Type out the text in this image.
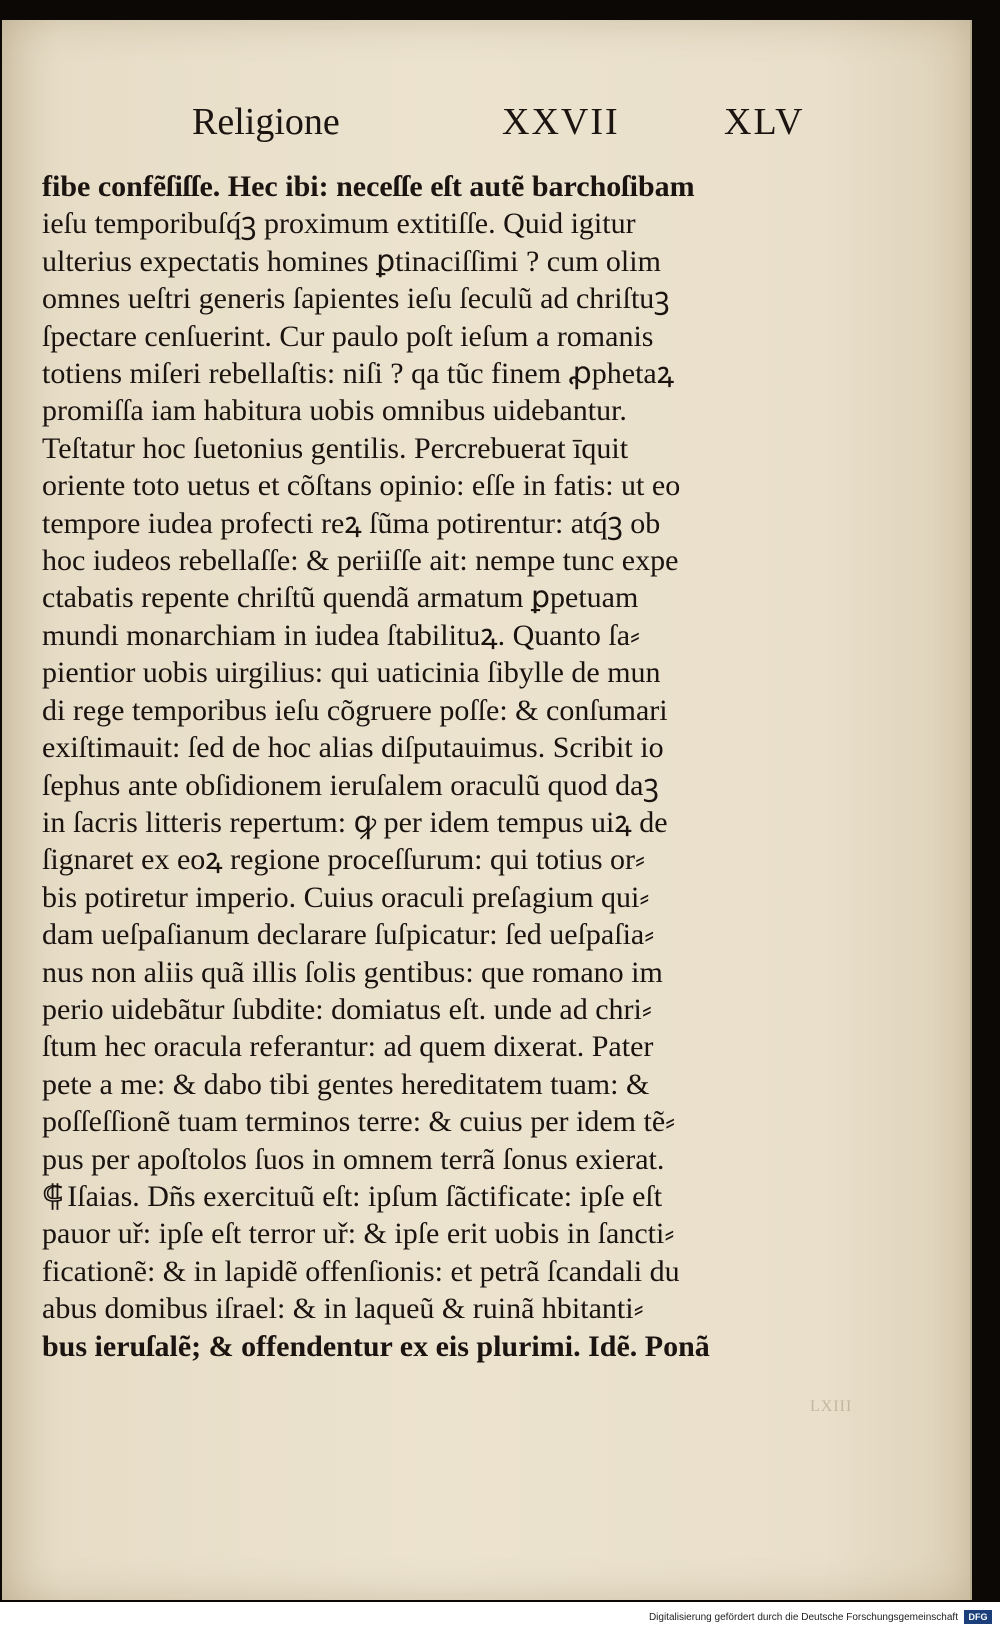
Religione	XXVII	XLV
fibe confẽſiſſe. Hec ibi: neceſſe eſt autẽ barchoſibam
ieſu temporibuſq́ꝫ proximum extitiſſe. Quid igitur
ulterius expectatis homines ꝑtinaciſſimi ? cum olim
omnes ueſtri generis ſapientes ieſu ſeculũ ad chriſtuꝫ
ſpectare cenſuerint. Cur paulo poſt ieſum a romanis
totiens miſeri rebellaſtis: niſi ? qa tũc finem ꝓphetaꝝ
promiſſa iam habitura uobis omnibus uidebantur.
Teſtatur hoc ſuetonius gentilis. Percrebuerat īquit
oriente toto uetus et cõſtans opinio: eſſe in fatis: ut eo
tempore iudea profecti reꝝ ſũma potirentur: atq́ꝫ ob
hoc iudeos rebellaſſe: & periiſſe ait: nempe tunc expe
ctabatis repente chriſtũ quendã armatum ꝑpetuam
mundi monarchiam in iudea ſtabilituꝝ. Quanto ſa⸗
pientior uobis uirgilius: qui uaticinia ſibylle de mun
di rege temporibus ieſu cõgruere poſſe: & conſumari
exiſtimauit: ſed de hoc alias diſputauimus. Scribit io
ſephus ante obſidionem ieruſalem oraculũ quod daꝫ
in ſacris litteris repertum: ꝙ per idem tempus uiꝝ de
ſignaret ex eoꝝ regione proceſſurum: qui totius or⸗
bis potiretur imperio. Cuius oraculi preſagium qui⸗
dam ueſpaſianum declarare ſuſpicatur: ſed ueſpaſia⸗
nus non aliis quã illis ſolis gentibus: que romano im
perio uidebãtur ſubdite: domiatus eſt. unde ad chri⸗
ſtum hec oracula referantur: ad quem dixerat. Pater
pete a me: & dabo tibi gentes hereditatem tuam: &
poſſeſſionẽ tuam terminos terre: & cuius per idem tẽ⸗
pus per apoſtolos ſuos in omnem terrã ſonus exierat.
⸿ Iſaias. Dñs exercituũ eſt: ipſum ſãctificate: ipſe eſt
pauor uř: ipſe eſt terror uř: & ipſe erit uobis in ſancti⸗
ficationẽ: & in lapidẽ offenſionis: et petrã ſcandali du
abus domibus iſrael: & in laqueũ & ruinã hbitanti⸗
bus ieruſalẽ; & offendentur ex eis plurimi. Idẽ. Ponã
LXIII
Digitalisierung gefördert durch die Deutsche Forschungsgemeinschaft	DFG
